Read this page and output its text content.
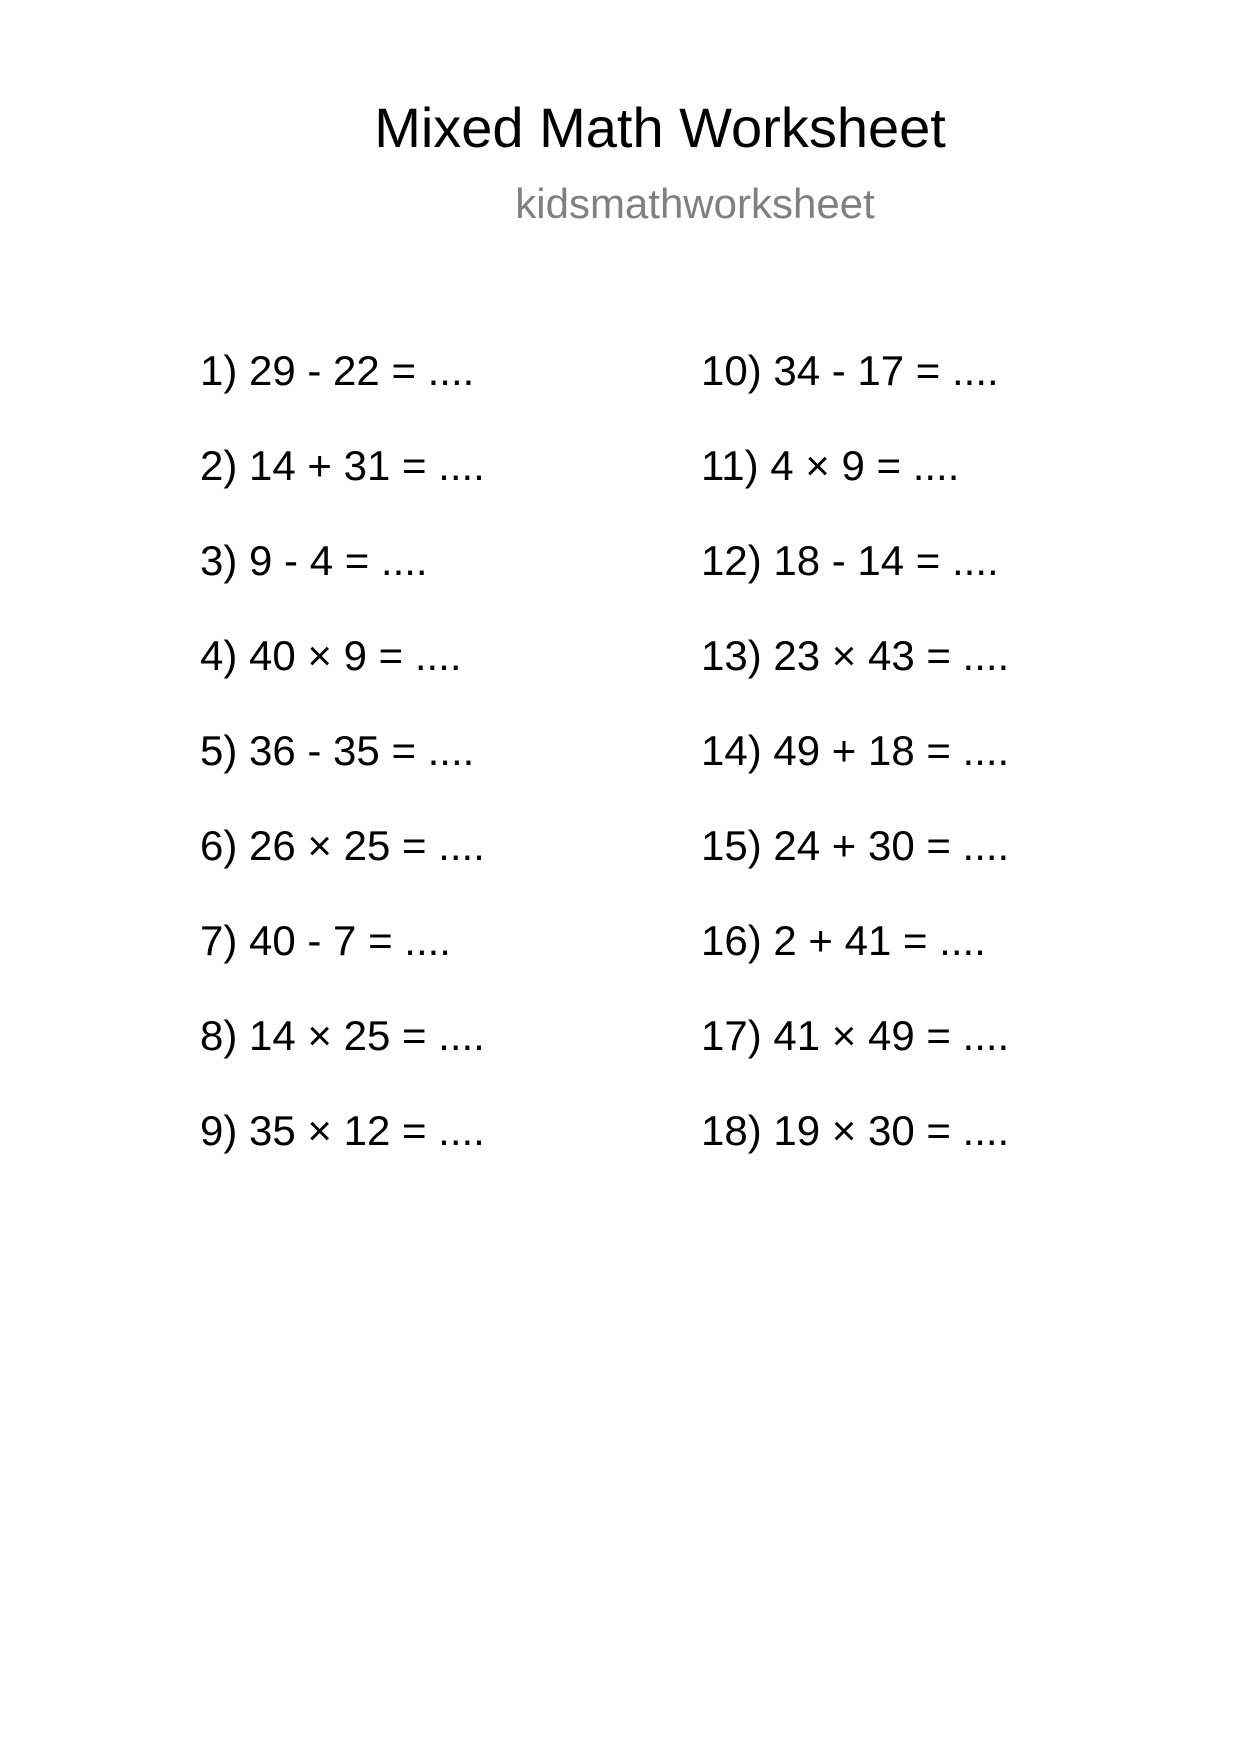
Mixed Math Worksheet
kidsmathworksheet
1) 29 - 22 = ....
2) 14 + 31 = ....
3) 9 - 4 = ....
4) 40 × 9 = ....
5) 36 - 35 = ....
6) 26 × 25 = ....
7) 40 - 7 = ....
8) 14 × 25 = ....
9) 35 × 12 = ....
10) 34 - 17 = ....
11) 4 × 9 = ....
12) 18 - 14 = ....
13) 23 × 43 = ....
14) 49 + 18 = ....
15) 24 + 30 = ....
16) 2 + 41 = ....
17) 41 × 49 = ....
18) 19 × 30 = ....
